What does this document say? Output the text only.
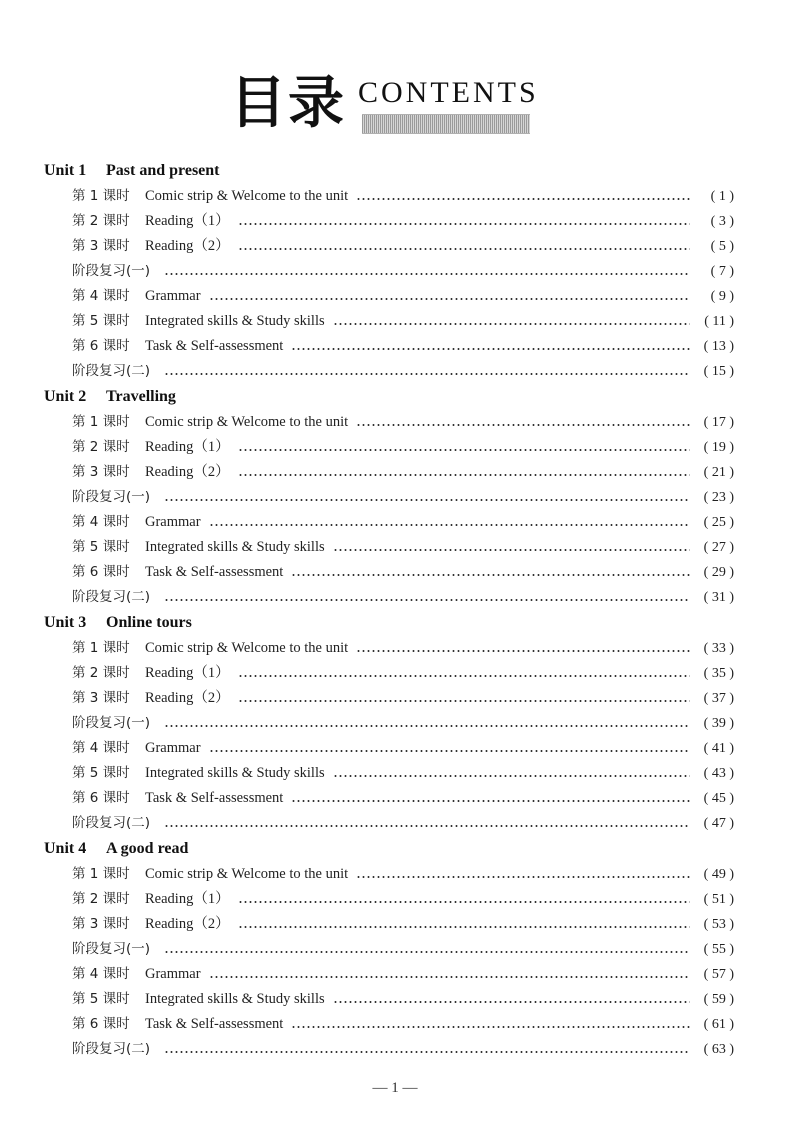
目录 CONTENTS
Unit 1 Past and present
第 1 课时	Comic strip & Welcome to the unit	( 1 )
第 2 课时	Reading（1）	( 3 )
第 3 课时	Reading（2）	( 5 )
阶段复习(一)	( 7 )
第 4 课时	Grammar	( 9 )
第 5 课时	Integrated skills & Study skills	( 11 )
第 6 课时	Task & Self-assessment	( 13 )
阶段复习(二)	( 15 )
Unit 2 Travelling
第 1 课时	Comic strip & Welcome to the unit	( 17 )
第 2 课时	Reading（1）	( 19 )
第 3 课时	Reading（2）	( 21 )
阶段复习(一)	( 23 )
第 4 课时	Grammar	( 25 )
第 5 课时	Integrated skills & Study skills	( 27 )
第 6 课时	Task & Self-assessment	( 29 )
阶段复习(二)	( 31 )
Unit 3 Online tours
第 1 课时	Comic strip & Welcome to the unit	( 33 )
第 2 课时	Reading（1）	( 35 )
第 3 课时	Reading（2）	( 37 )
阶段复习(一)	( 39 )
第 4 课时	Grammar	( 41 )
第 5 课时	Integrated skills & Study skills	( 43 )
第 6 课时	Task & Self-assessment	( 45 )
阶段复习(二)	( 47 )
Unit 4 A good read
第 1 课时	Comic strip & Welcome to the unit	( 49 )
第 2 课时	Reading（1）	( 51 )
第 3 课时	Reading（2）	( 53 )
阶段复习(一)	( 55 )
第 4 课时	Grammar	( 57 )
第 5 课时	Integrated skills & Study skills	( 59 )
第 6 课时	Task & Self-assessment	( 61 )
阶段复习(二)	( 63 )
— 1 —
